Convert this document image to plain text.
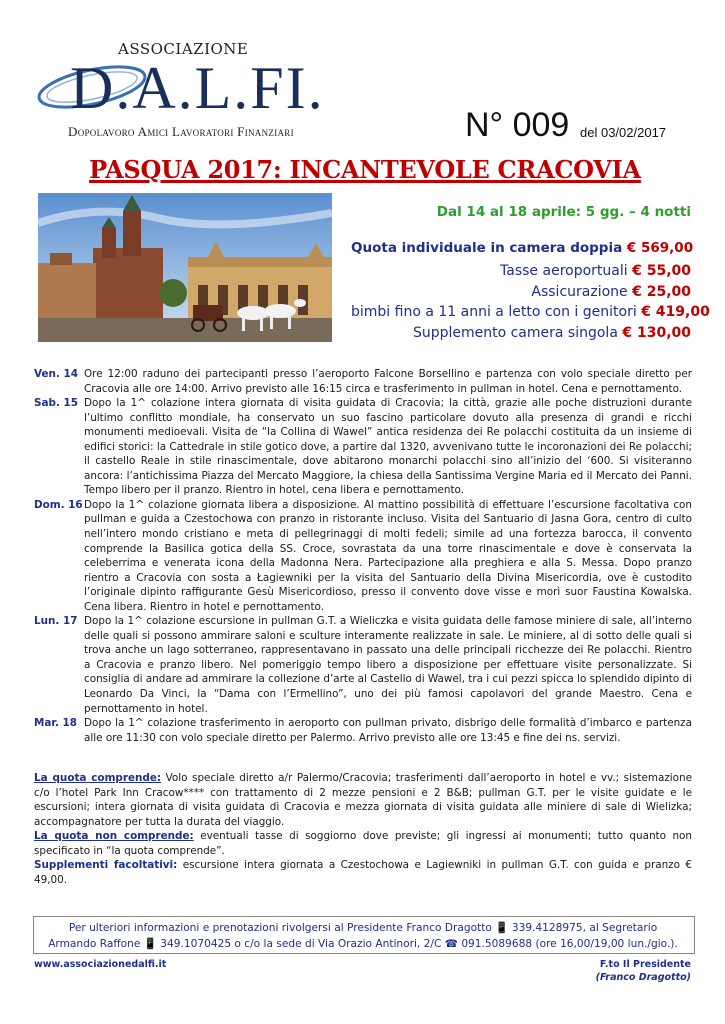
ASSOCIAZIONE
D.A.L.FI.
Dopolavoro Amici Lavoratori Finanziari	N° 009 del 03/02/2017
PASQUA 2017: INCANTEVOLE CRACOVIA
Dal 14 al 18 aprile: 5 gg. – 4 notti
Quota individuale in camera doppia € 569,00
Tasse aeroportuali € 55,00
Assicurazione € 25,00
bimbi fino a 11 anni a letto con i genitori € 419,00
Supplemento camera singola € 130,00
Ven. 14 Ore 12:00 raduno dei partecipanti presso l’aeroporto Falcone Borsellino e partenza con volo speciale diretto per Cracovia alle ore 14:00. Arrivo previsto alle 16:15 circa e trasferimento in pullman in hotel. Cena e pernottamento.
Sab. 15 Dopo la 1^ colazione intera giornata di visita guidata di Cracovia; la città, grazie alle poche distruzioni durante l’ultimo conflitto mondiale, ha conservato un suo fascino particolare dovuto alla presenza di grandi e ricchi monumenti medioevali. Visita de “la Collina di Wawel” antica residenza dei Re polacchi costituita da un insieme di edifici storici: la Cattedrale in stile gotico dove, a partire dal 1320, avvenivano tutte le incoronazioni dei Re polacchi; il castello Reale in stile rinascimentale, dove abitarono monarchi polacchi sino all’inizio del ‘600. Si visiteranno ancora: l’antichissima Piazza del Mercato Maggiore, la chiesa della Santissima Vergine Maria ed il Mercato dei Panni. Tempo libero per il pranzo. Rientro in hotel, cena libera e pernottamento.
Dom. 16 Dopo la 1^ colazione giornata libera a disposizione. Al mattino possibilità di effettuare l’escursione facoltativa con pullman e guida a Czestochowa con pranzo in ristorante incluso. Visita del Santuario di Jasna Gora, centro di culto nell’intero mondo cristiano e meta di pellegrinaggi di molti fedeli; simile ad una fortezza barocca, il convento comprende la Basilica gotica della SS. Croce, sovrastata da una torre rinascimentale e dove è conservata la celeberrima e venerata icona della Madonna Nera. Partecipazione alla preghiera e alla S. Messa. Dopo pranzo rientro a Cracovia con sosta a Łagiewniki per la visita del Santuario della Divina Misericordia, ove è custodito l’originale dipinto raffigurante Gesù Misericordioso, presso il convento dove visse e morì suor Faustina Kowalska. Cena libera. Rientro in hotel e pernottamento.
Lun. 17 Dopo la 1^ colazione escursione in pullman G.T. a Wieliczka e visita guidata delle famose miniere di sale, all’interno delle quali si possono ammirare saloni e sculture interamente realizzate in sale. Le miniere, al di sotto delle quali si trova anche un lago sotterraneo, rappresentavano in passato una delle principali ricchezze dei Re polacchi. Rientro a Cracovia e pranzo libero. Nel pomeriggio tempo libero a disposizione per effettuare visite personalizzate. Si consiglia di andare ad ammirare la collezione d’arte al Castello di Wawel, tra i cui pezzi spicca lo splendido dipinto di Leonardo Da Vinci, la “Dama con l’Ermellino”, uno dei più famosi capolavori del grande Maestro. Cena e pernottamento in hotel.
Mar. 18 Dopo la 1^ colazione trasferimento in aeroporto con pullman privato, disbrigo delle formalità d’imbarco e partenza alle ore 11:30 con volo speciale diretto per Palermo. Arrivo previsto alle ore 13:45 e fine dei ns. servizi.
La quota comprende: Volo speciale diretto a/r Palermo/Cracovia; trasferimenti dall’aeroporto in hotel e vv.; sistemazione c/o l’hotel Park Inn Cracow**** con trattamento di 2 mezze pensioni e 2 B&B; pullman G.T. per le visite guidate e le escursioni; intera giornata di visita guidata di Cracovia e mezza giornata di visita guidata alle miniere di sale di Wielizka; accompagnatore per tutta la durata del viaggio.
La quota non comprende: eventuali tasse di soggiorno dove previste; gli ingressi ai monumenti; tutto quanto non specificato in “la quota comprende”.
Supplementi facoltativi: escursione intera giornata a Czestochowa e Lagiewniki in pullman G.T. con guida e pranzo € 49,00.
Per ulteriori informazioni e prenotazioni rivolgersi al Presidente Franco Dragotto 📱 339.4128975, al Segretario
Armando Raffone 📱 349.1070425 o c/o la sede di Via Orazio Antinori, 2/C ☎ 091.5089688 (ore 16,00/19,00 lun./gio.).
www.associazionedalfi.it	F.to Il Presidente
(Franco Dragotto)
